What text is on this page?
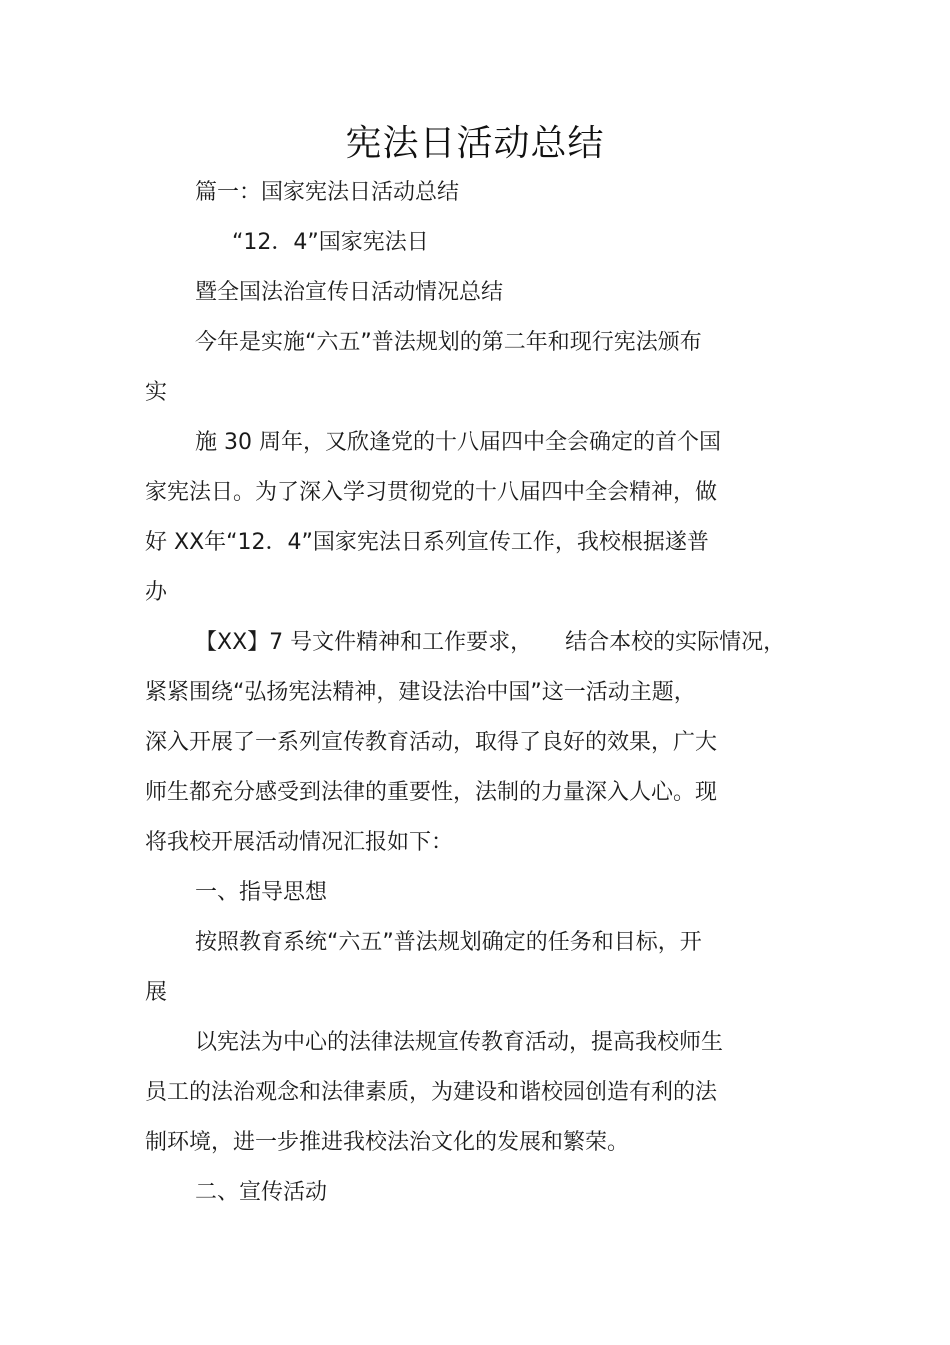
宪法日活动总结
篇一：国家宪法日活动总结
“12．4”国家宪法日
暨全国法治宣传日活动情况总结
今年是实施“六五”普法规划的第二年和现行宪法颁布
实
施 30 周年，又欣逢党的十八届四中全会确定的首个国
家宪法日。为了深入学习贯彻党的十八届四中全会精神，做
好 XX年“12．4”国家宪法日系列宣传工作，我校根据遂普
办
【XX】7 号文件精神和工作要求，　　结合本校的实际情况，
紧紧围绕“弘扬宪法精神，建设法治中国”这一活动主题，
深入开展了一系列宣传教育活动，取得了良好的效果，广大
师生都充分感受到法律的重要性，法制的力量深入人心。现
将我校开展活动情况汇报如下：
一、指导思想
按照教育系统“六五”普法规划确定的任务和目标，开
展
以宪法为中心的法律法规宣传教育活动，提高我校师生
员工的法治观念和法律素质，为建设和谐校园创造有利的法
制环境，进一步推进我校法治文化的发展和繁荣。
二、宣传活动
